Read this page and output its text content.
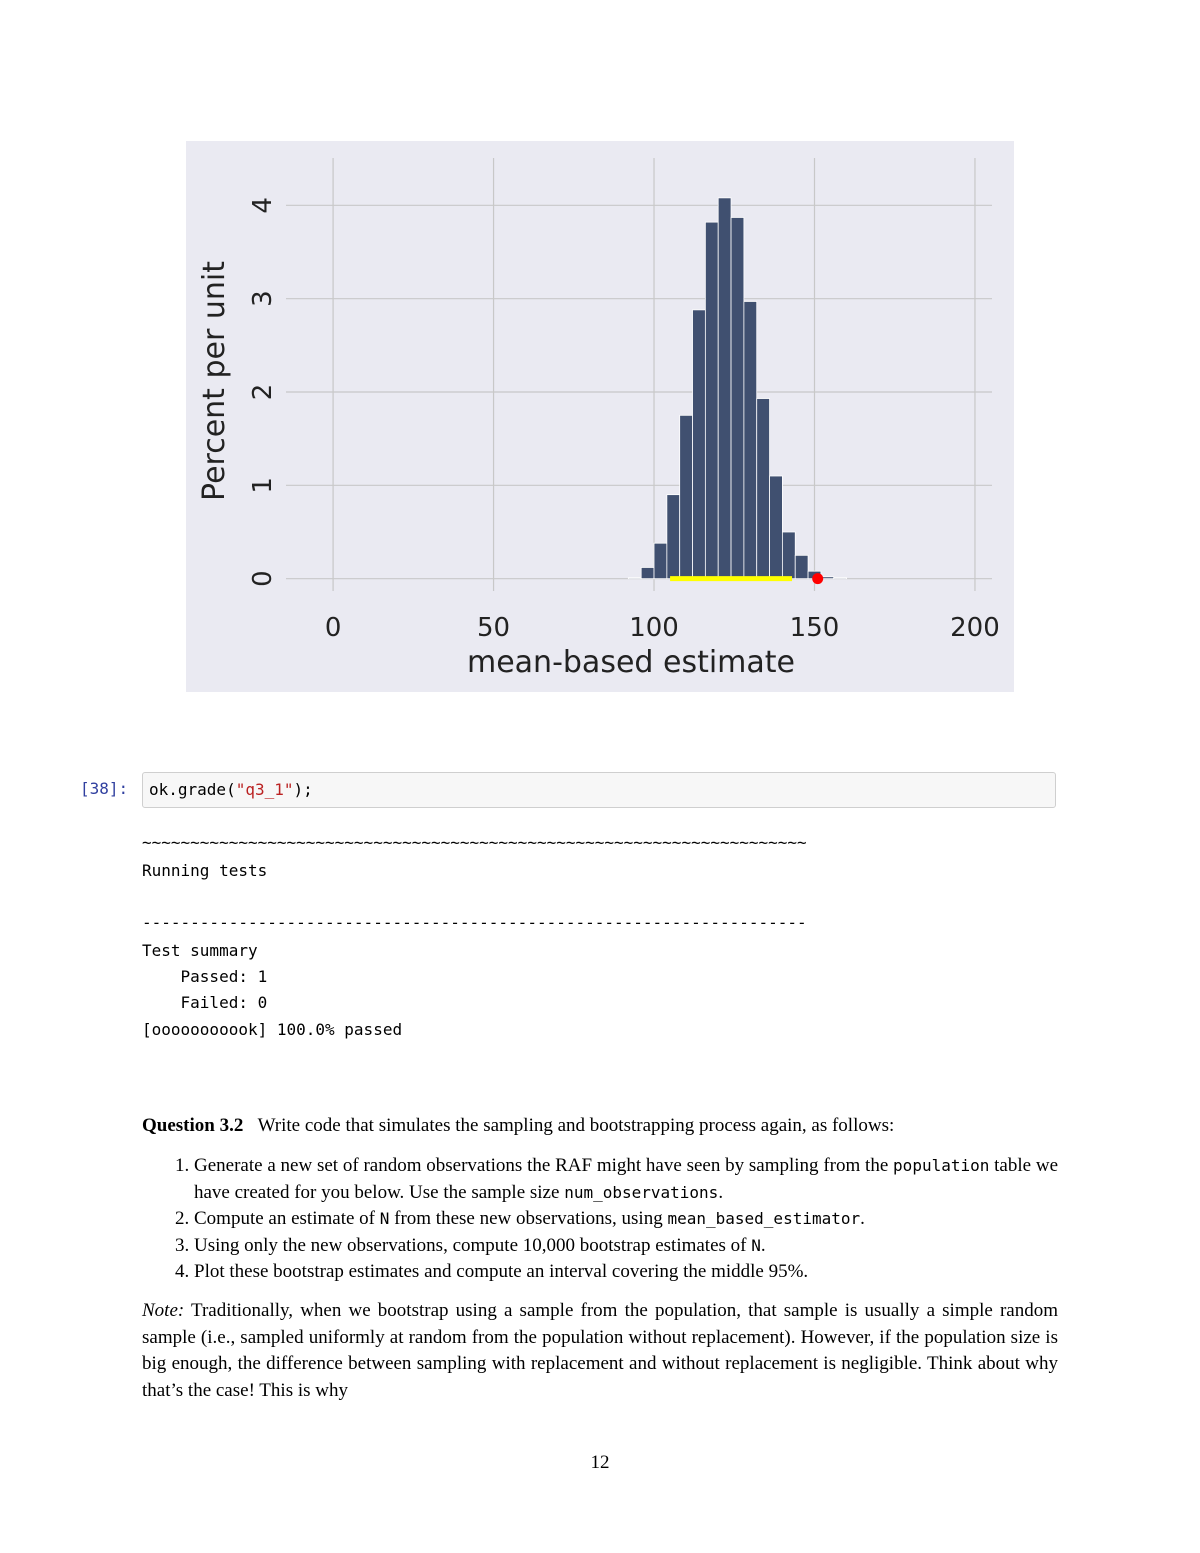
0	50	100	150	200
0
1
2
3
4
mean-based estimate
Percent per unit
[38]:	ok.grade("q3_1");
~~~~~~~~~~~~~~~~~~~~~~~~~~~~~~~~~~~~~~~~~~~~~~~~~~~~~~~~~~~~~~~~~~~~~
Running tests
---------------------------------------------------------------------
Test summary
Passed: 1
Failed: 0
[ooooooooook] 100.0% passed
Question 3.2 Write code that simulates the sampling and bootstrapping process again, as follows:
1. Generate a new set of random observations the RAF might have seen by sampling from the population table we have created for you below. Use the sample size num_observations.
2. Compute an estimate of N from these new observations, using mean_based_estimator.
3. Using only the new observations, compute 10,000 bootstrap estimates of N.
4. Plot these bootstrap estimates and compute an interval covering the middle 95%.
Note: Traditionally, when we bootstrap using a sample from the population, that sample is usually a simple random sample (i.e., sampled uniformly at random from the population without replacement). However, if the population size is big enough, the difference between sampling with replacement and without replacement is negligible. Think about why that’s the case! This is why
12
